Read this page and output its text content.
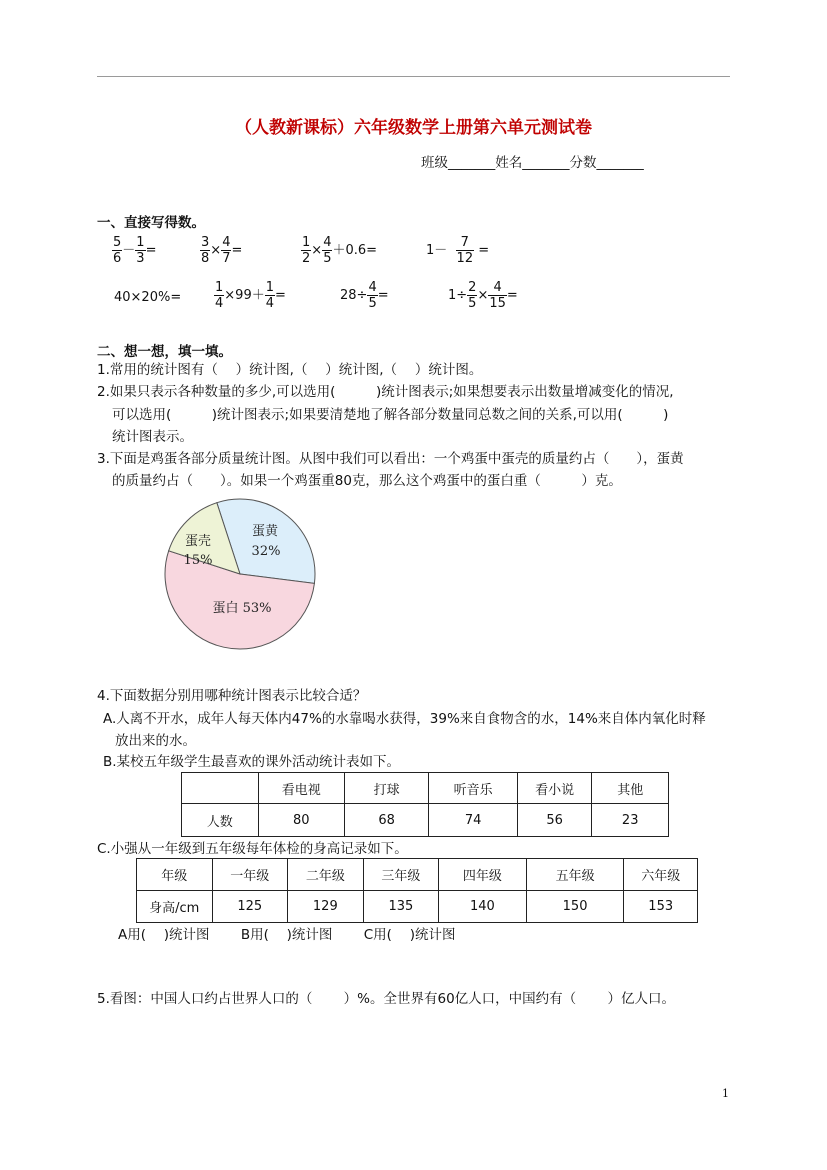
（人教新课标）六年级数学上册第六单元测试卷
班级_______姓名_______分数_______
一、直接写得数。
$\frac{5}{6} - \frac{1}{3}$ =	$\frac{3}{8} \times \frac{4}{7}$ =	$\frac{1}{2} \times \frac{4}{5} +0.6=$	$1- \frac{7}{12}$ =
40×20%=	$\frac{1}{4} \times 99+ \frac{1}{4}$ =	$28\div \frac{4}{5}$ =	$1\div \frac{2}{5} \times \frac{4}{15}$ =
二、想一想，填一填。
1.常用的统计图有（　 ）统计图,（　 ）统计图,（　 ）统计图。
2.如果只表示各种数量的多少,可以选用(　　　)统计图表示;如果想要表示出数量增减变化的情况,
可以选用(　　　)统计图表示;如果要清楚地了解各部分数量同总数之间的关系,可以用(　　　)
统计图表示。
3.下面是鸡蛋各部分质量统计图。从图中我们可以看出：一个鸡蛋中蛋壳的质量约占（　　），蛋黄
的质量约占（　　）。如果一个鸡蛋重80克，那么这个鸡蛋中的蛋白重（　　　）克。
蛋黄
32%
蛋壳
15%
蛋白 53%
4.下面数据分别用哪种统计图表示比较合适？
A.人离不开水，成年人每天体内47%的水靠喝水获得，39%来自食物含的水，14%来自体内氧化时释
放出来的水。
B.某校五年级学生最喜欢的课外活动统计表如下。
	看电视	打球	听音乐	看小说	其他
人数	80	68	74	56	23
C.小强从一年级到五年级每年体检的身高记录如下。
年级	一年级	二年级	三年级	四年级	五年级	六年级
身高/cm	125	129	135	140	150	153
A用(　 )统计图　　 B用(　 )统计图　　 C用(　 )统计图
5.看图：中国人口约占世界人口的（　　 ）%。全世界有60亿人口，中国约有（　　 ）亿人口。
1
